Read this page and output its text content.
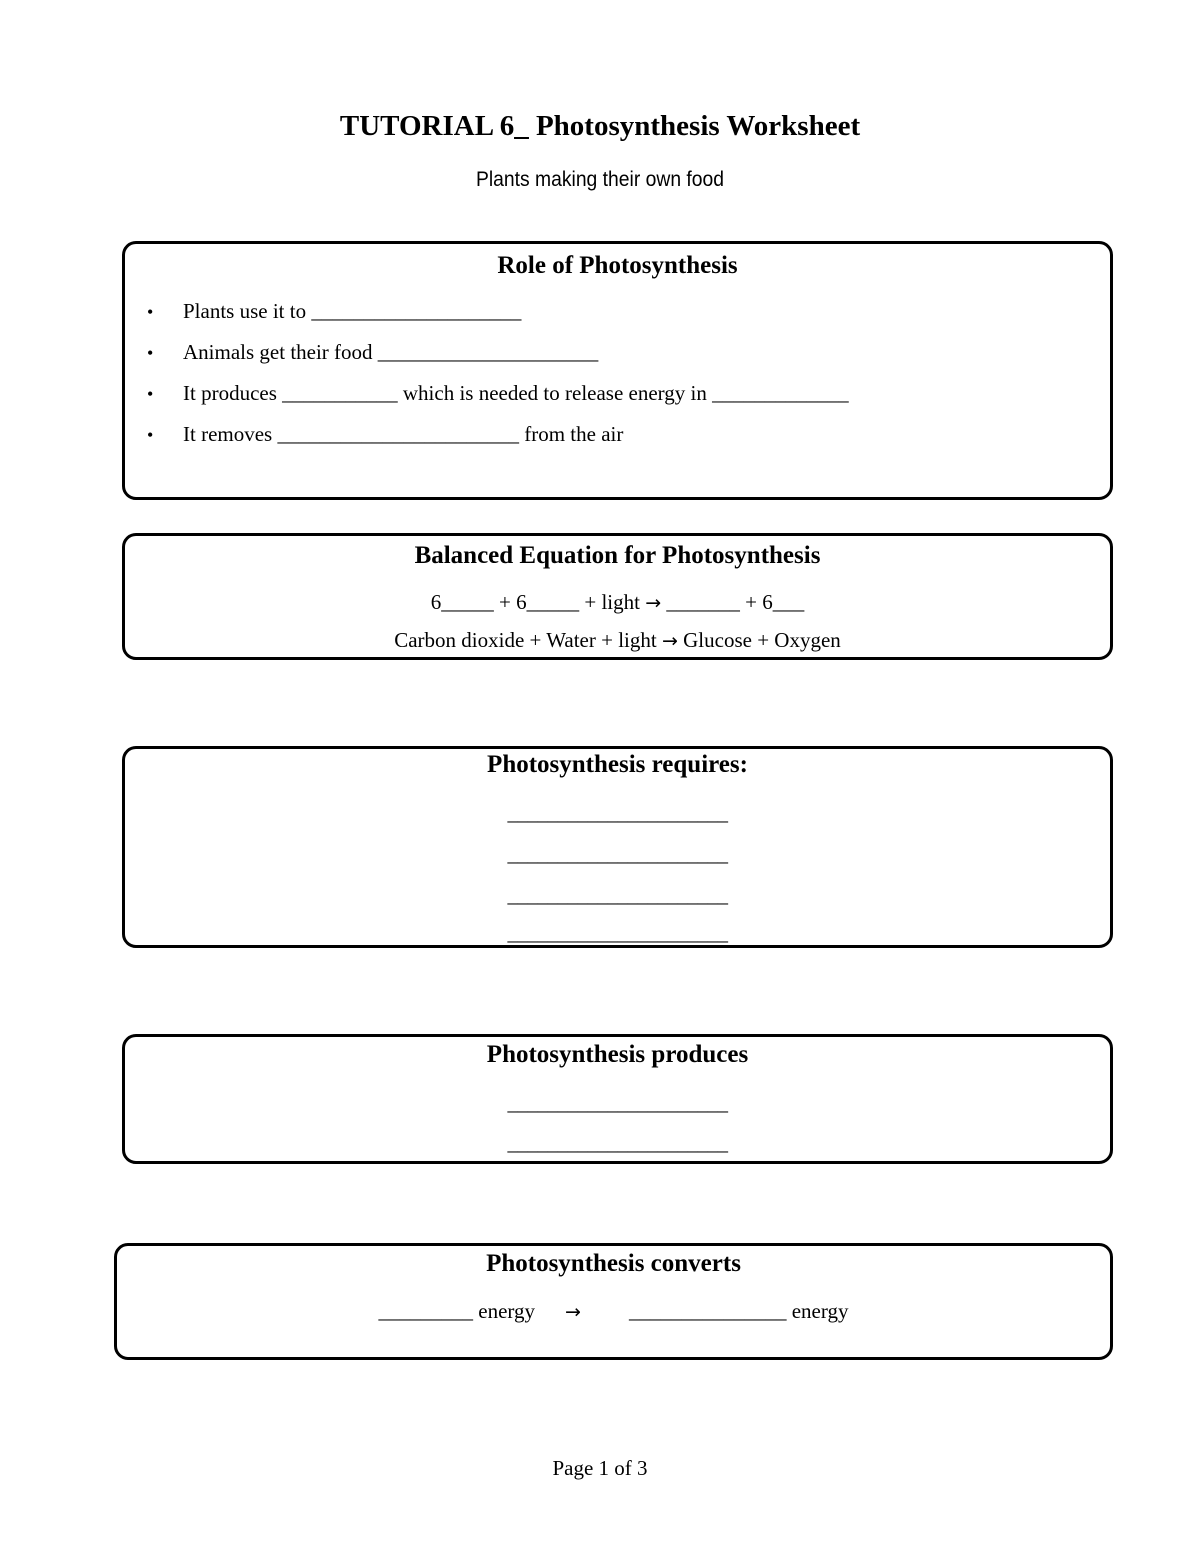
TUTORIAL 6_ Photosynthesis Worksheet
Plants making their own food
Role of Photosynthesis
• Plants use it to ____________________
• Animals get their food _____________________
• It produces ___________ which is needed to release energy in _____________
• It removes _______________________ from the air
Balanced Equation for Photosynthesis
6_____ + 6_____ + light → _______ + 6___
Carbon dioxide + Water + light → Glucose + Oxygen
Photosynthesis requires:
______________________
______________________
______________________
______________________
Photosynthesis produces
______________________
______________________
Photosynthesis converts
_________ energy → _______________ energy
Page 1 of 3
